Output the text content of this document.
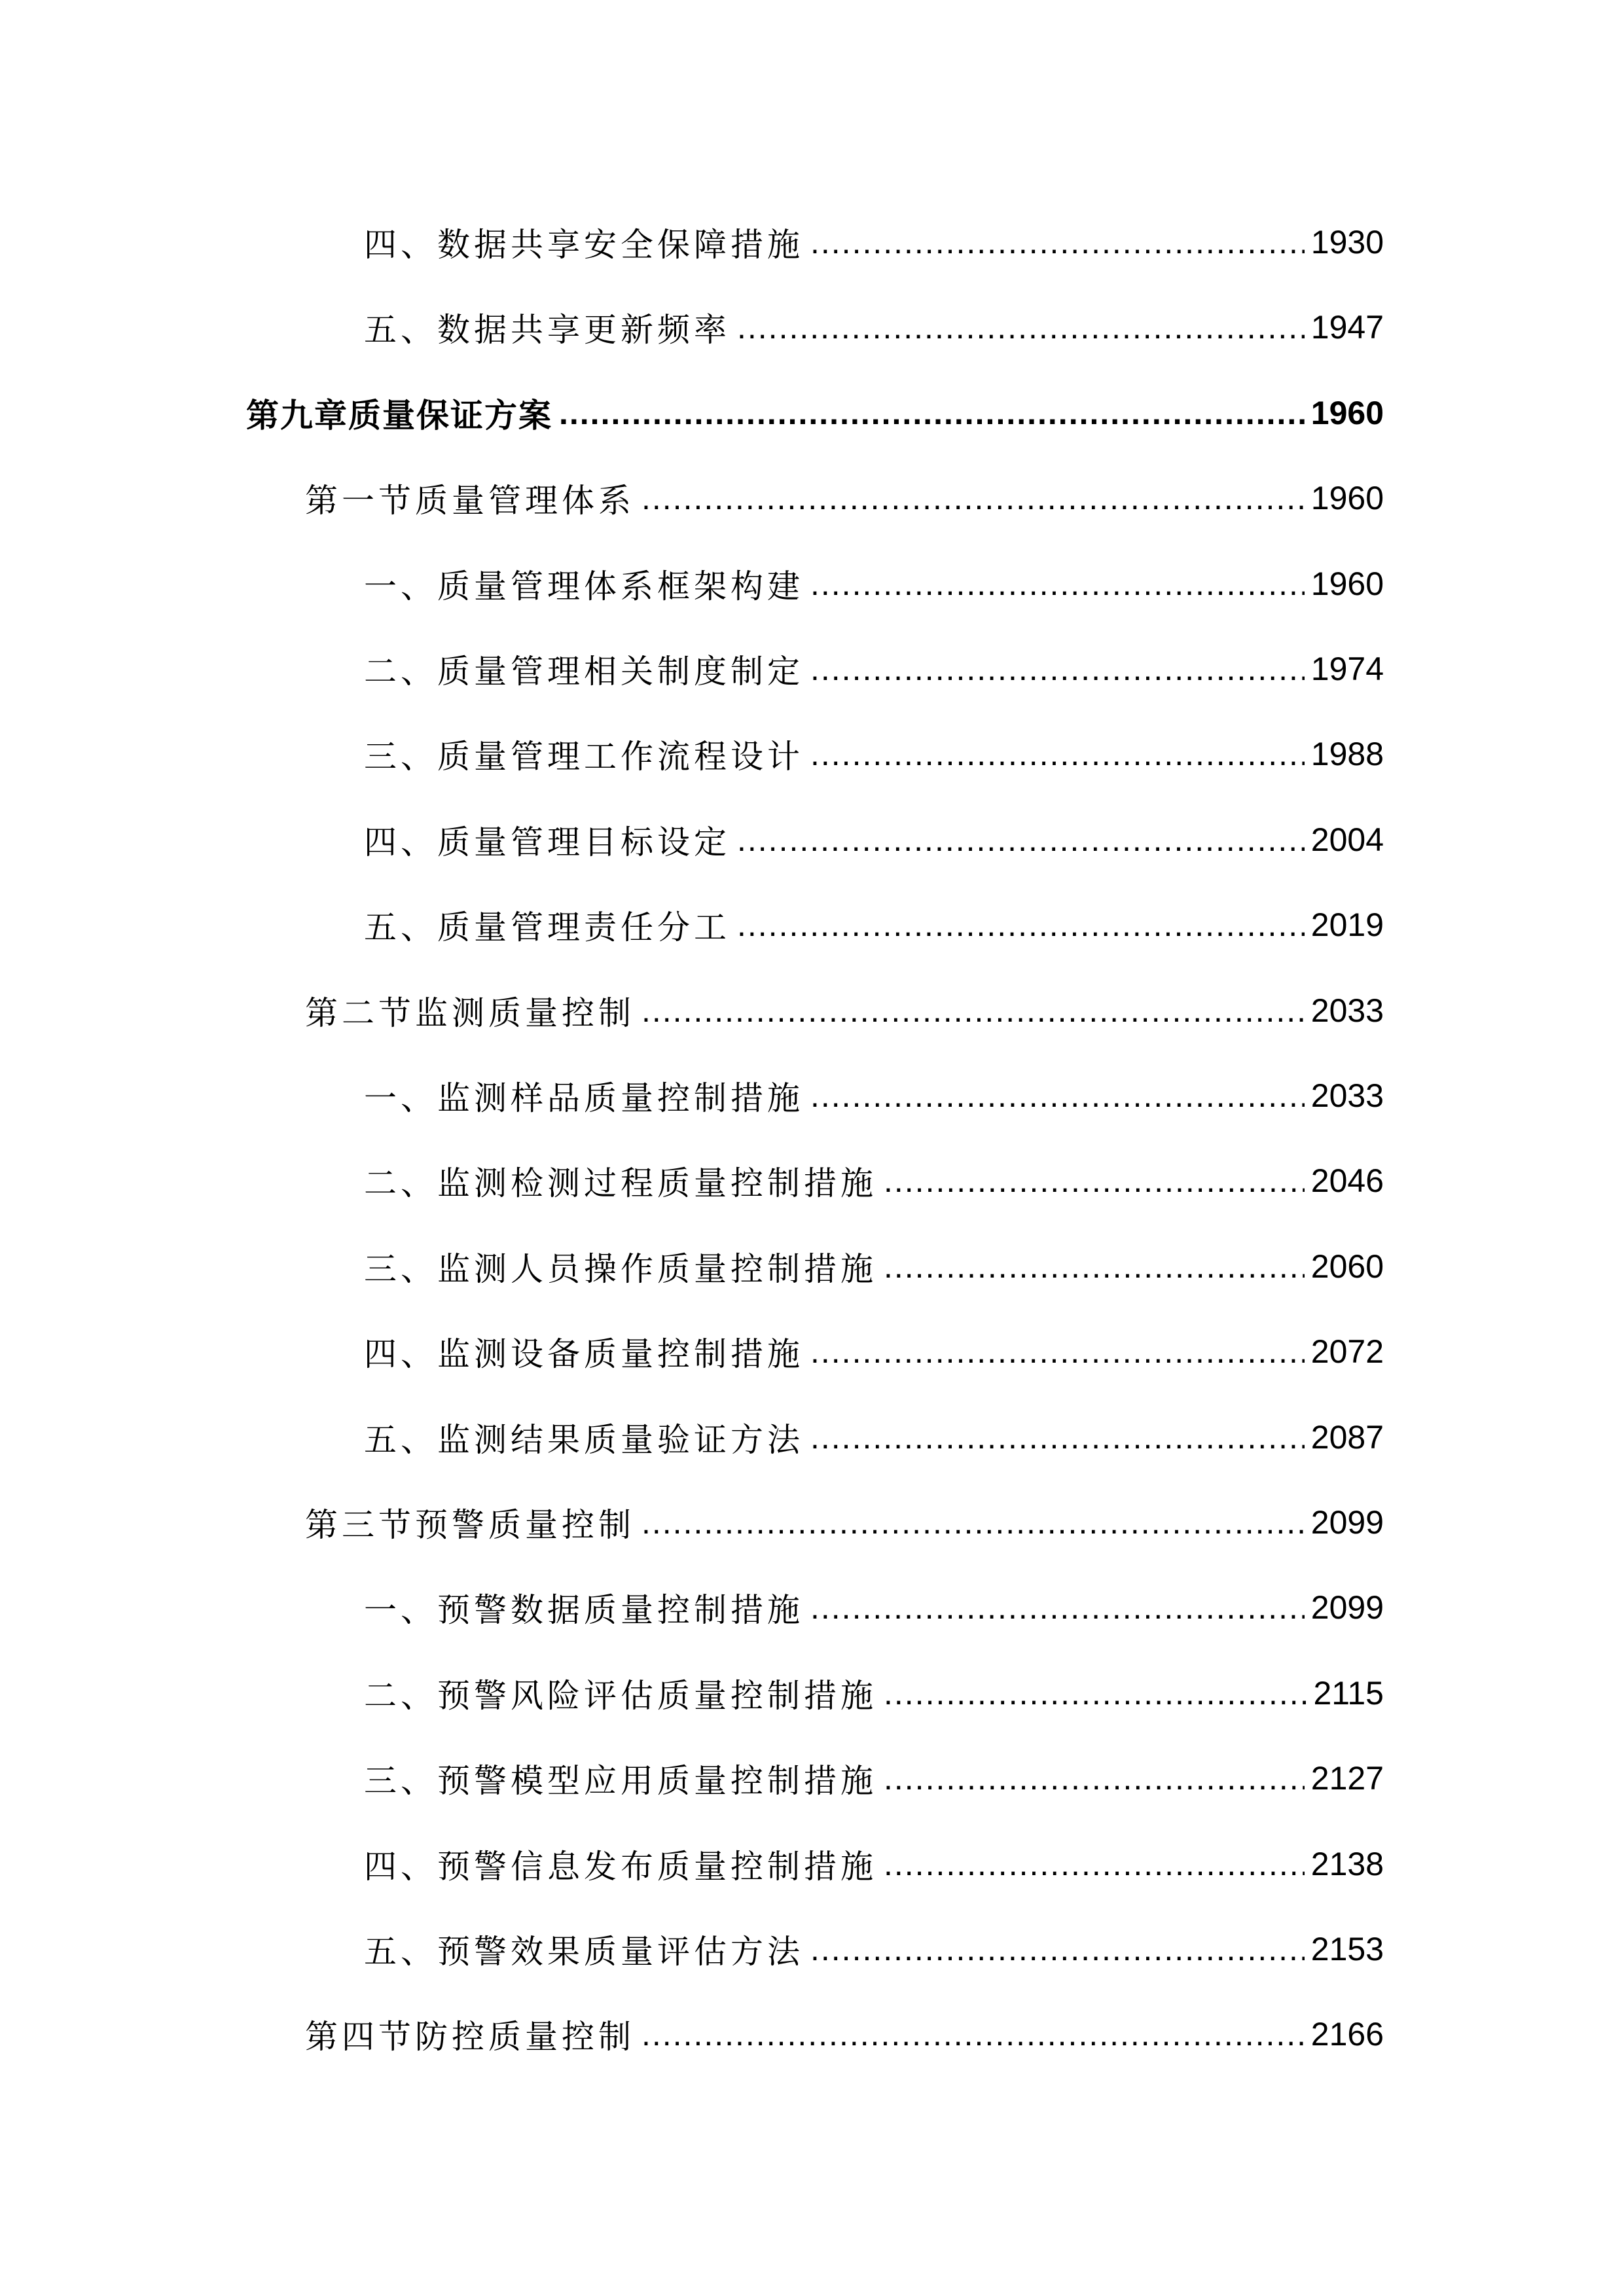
四、数据共享安全保障措施 .....	1930
五、数据共享更新频率 .....	1947
第九章质量保证方案 .....	1960
第一节质量管理体系 .....	1960
一、质量管理体系框架构建 .....	1960
二、质量管理相关制度制定 .....	1974
三、质量管理工作流程设计 .....	1988
四、质量管理目标设定 .....	2004
五、质量管理责任分工 .....	2019
第二节监测质量控制 .....	2033
一、监测样品质量控制措施 .....	2033
二、监测检测过程质量控制措施 .....	2046
三、监测人员操作质量控制措施 .....	2060
四、监测设备质量控制措施 .....	2072
五、监测结果质量验证方法 .....	2087
第三节预警质量控制 .....	2099
一、预警数据质量控制措施 .....	2099
二、预警风险评估质量控制措施 .....	2115
三、预警模型应用质量控制措施 .....	2127
四、预警信息发布质量控制措施 .....	2138
五、预警效果质量评估方法 .....	2153
第四节防控质量控制 .....	2166
